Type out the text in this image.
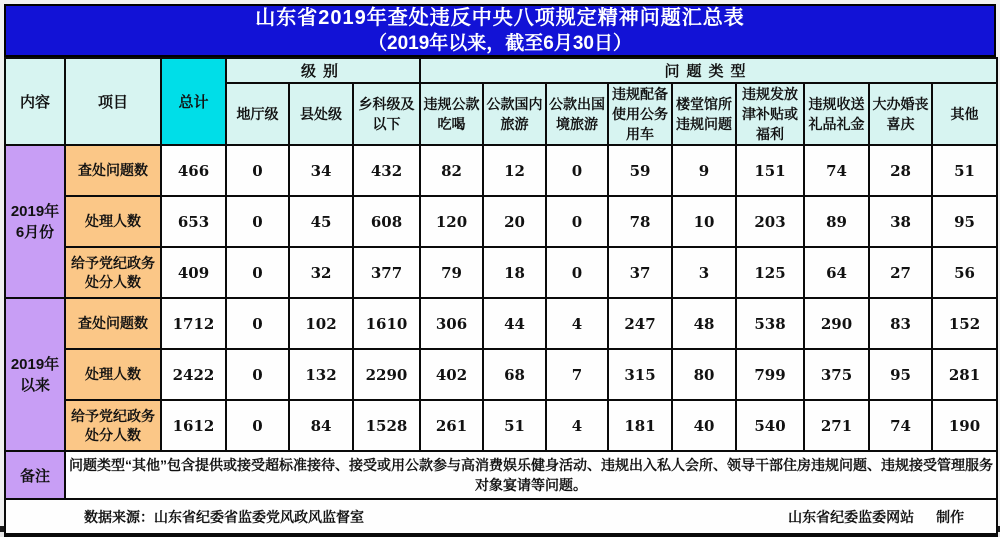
山东省2019年查处违反中央八项规定精神问题汇总表
（2019年以来，截至6月30日）
内容	项目	总计	级别			问题类型								
			地厅级	县处级	乡科级及以下	违规公款吃喝	公款国内旅游	公款出国境旅游	违规配备使用公务用车	楼堂馆所违规问题	违规发放津补贴或福利	违规收送礼品礼金	大办婚丧喜庆	其他
2019年6月份	查处问题数	466	0	34	432	82	12	0	59	9	151	74	28	51
	处理人数	653	0	45	608	120	20	0	78	10	203	89	38	95
	给予党纪政务处分人数	409	0	32	377	79	18	0	37	3	125	64	27	56
2019年以来	查处问题数	1712	0	102	1610	306	44	4	247	48	538	290	83	152
	处理人数	2422	0	132	2290	402	68	7	315	80	799	375	95	281
	给予党纪政务处分人数	1612	0	84	1528	261	51	4	181	40	540	271	74	190
备注	问题类型“其他”包含提供或接受超标准接待、接受或用公款参与高消费娱乐健身活动、违规出入私人会所、领导干部住房违规问题、违规接受管理服务对象宴请等问题。													

数据来源：山东省纪委省监委党风政风监督室 山东省纪委监委网站 制作														
